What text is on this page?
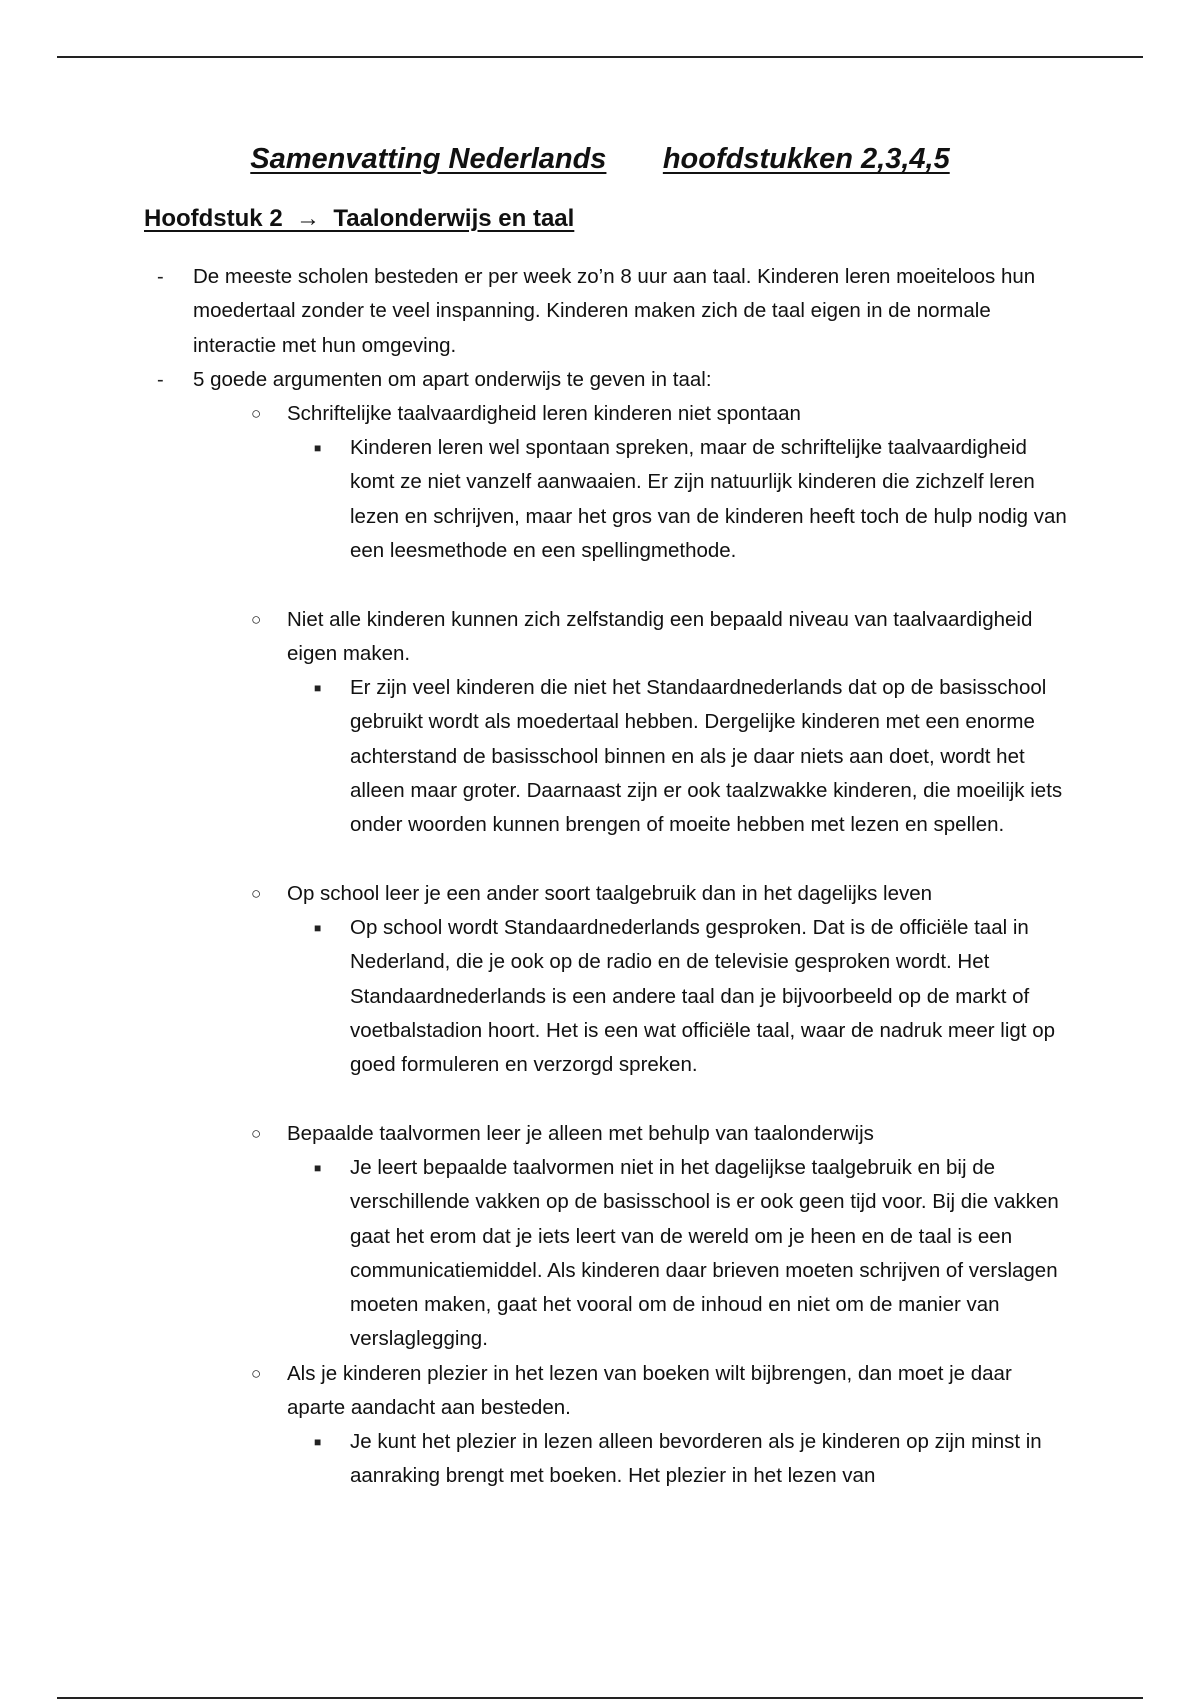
Samenvatting Nederlands hoofdstukken 2,3,4,5
Hoofdstuk 2  →  Taalonderwijs en taal
- De meeste scholen besteden er per week zo’n 8 uur aan taal. Kinderen leren moeiteloos hun moedertaal zonder te veel inspanning. Kinderen maken zich de taal eigen in de normale interactie met hun omgeving.
- 5 goede argumenten om apart onderwijs te geven in taal:
○ Schriftelijke taalvaardigheid leren kinderen niet spontaan
■ Kinderen leren wel spontaan spreken, maar de schriftelijke taalvaardigheid komt ze niet vanzelf aanwaaien. Er zijn natuurlijk kinderen die zichzelf leren lezen en schrijven, maar het gros van de kinderen heeft toch de hulp nodig van een leesmethode en een spellingmethode.
○ Niet alle kinderen kunnen zich zelfstandig een bepaald niveau van taalvaardigheid eigen maken.
■ Er zijn veel kinderen die niet het Standaardnederlands dat op de basisschool gebruikt wordt als moedertaal hebben. Dergelijke kinderen met een enorme achterstand de basisschool binnen en als je daar niets aan doet, wordt het alleen maar groter. Daarnaast zijn er ook taalzwakke kinderen, die moeilijk iets onder woorden kunnen brengen of moeite hebben met lezen en spellen.
○ Op school leer je een ander soort taalgebruik dan in het dagelijks leven
■ Op school wordt Standaardnederlands gesproken. Dat is de officiële taal in Nederland, die je ook op de radio en de televisie gesproken wordt. Het Standaardnederlands is een andere taal dan je bijvoorbeeld op de markt of voetbalstadion hoort. Het is een wat officiële taal, waar de nadruk meer ligt op goed formuleren en verzorgd spreken.
○ Bepaalde taalvormen leer je alleen met behulp van taalonderwijs
■ Je leert bepaalde taalvormen niet in het dagelijkse taalgebruik en bij de verschillende vakken op de basisschool is er ook geen tijd voor. Bij die vakken gaat het erom dat je iets leert van de wereld om je heen en de taal is een communicatiemiddel. Als kinderen daar brieven moeten schrijven of verslagen moeten maken, gaat het vooral om de inhoud en niet om de manier van verslaglegging.
○ Als je kinderen plezier in het lezen van boeken wilt bijbrengen, dan moet je daar aparte aandacht aan besteden.
■ Je kunt het plezier in lezen alleen bevorderen als je kinderen op zijn minst in aanraking brengt met boeken. Het plezier in het lezen van
